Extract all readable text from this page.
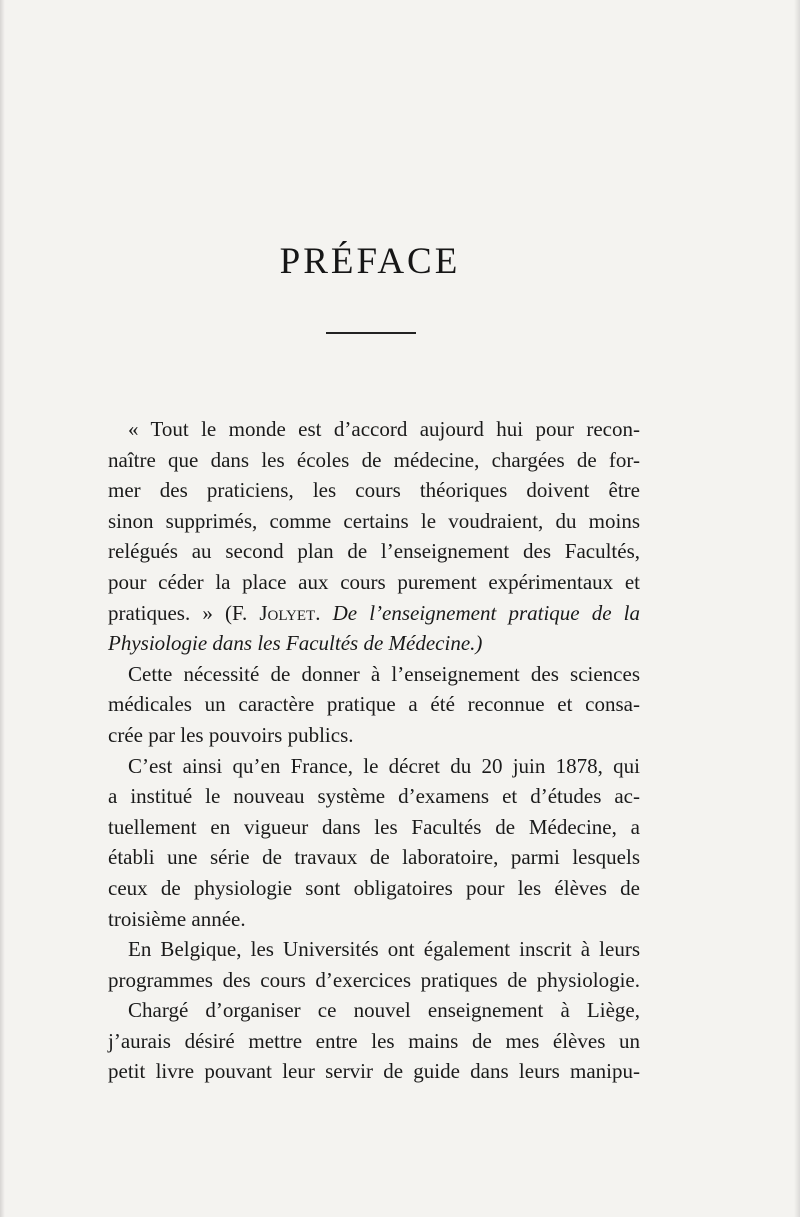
PRÉFACE
« Tout le monde est d’accord aujourd hui pour recon-
naître que dans les écoles de médecine, chargées de for-
mer des praticiens, les cours théoriques doivent être
sinon supprimés, comme certains le voudraient, du moins
relégués au second plan de l’enseignement des Facultés,
pour céder la place aux cours purement expérimentaux et
pratiques. » (F. Jolyet. De l’enseignement pratique de la
Physiologie dans les Facultés de Médecine.)
Cette nécessité de donner à l’enseignement des sciences
médicales un caractère pratique a été reconnue et consa-
crée par les pouvoirs publics.
C’est ainsi qu’en France, le décret du 20 juin 1878, qui
a institué le nouveau système d’examens et d’études ac-
tuellement en vigueur dans les Facultés de Médecine, a
établi une série de travaux de laboratoire, parmi lesquels
ceux de physiologie sont obligatoires pour les élèves de
troisième année.
En Belgique, les Universités ont également inscrit à leurs
programmes des cours d’exercices pratiques de physiologie.
Chargé d’organiser ce nouvel enseignement à Liège,
j’aurais désiré mettre entre les mains de mes élèves un
petit livre pouvant leur servir de guide dans leurs manipu-
